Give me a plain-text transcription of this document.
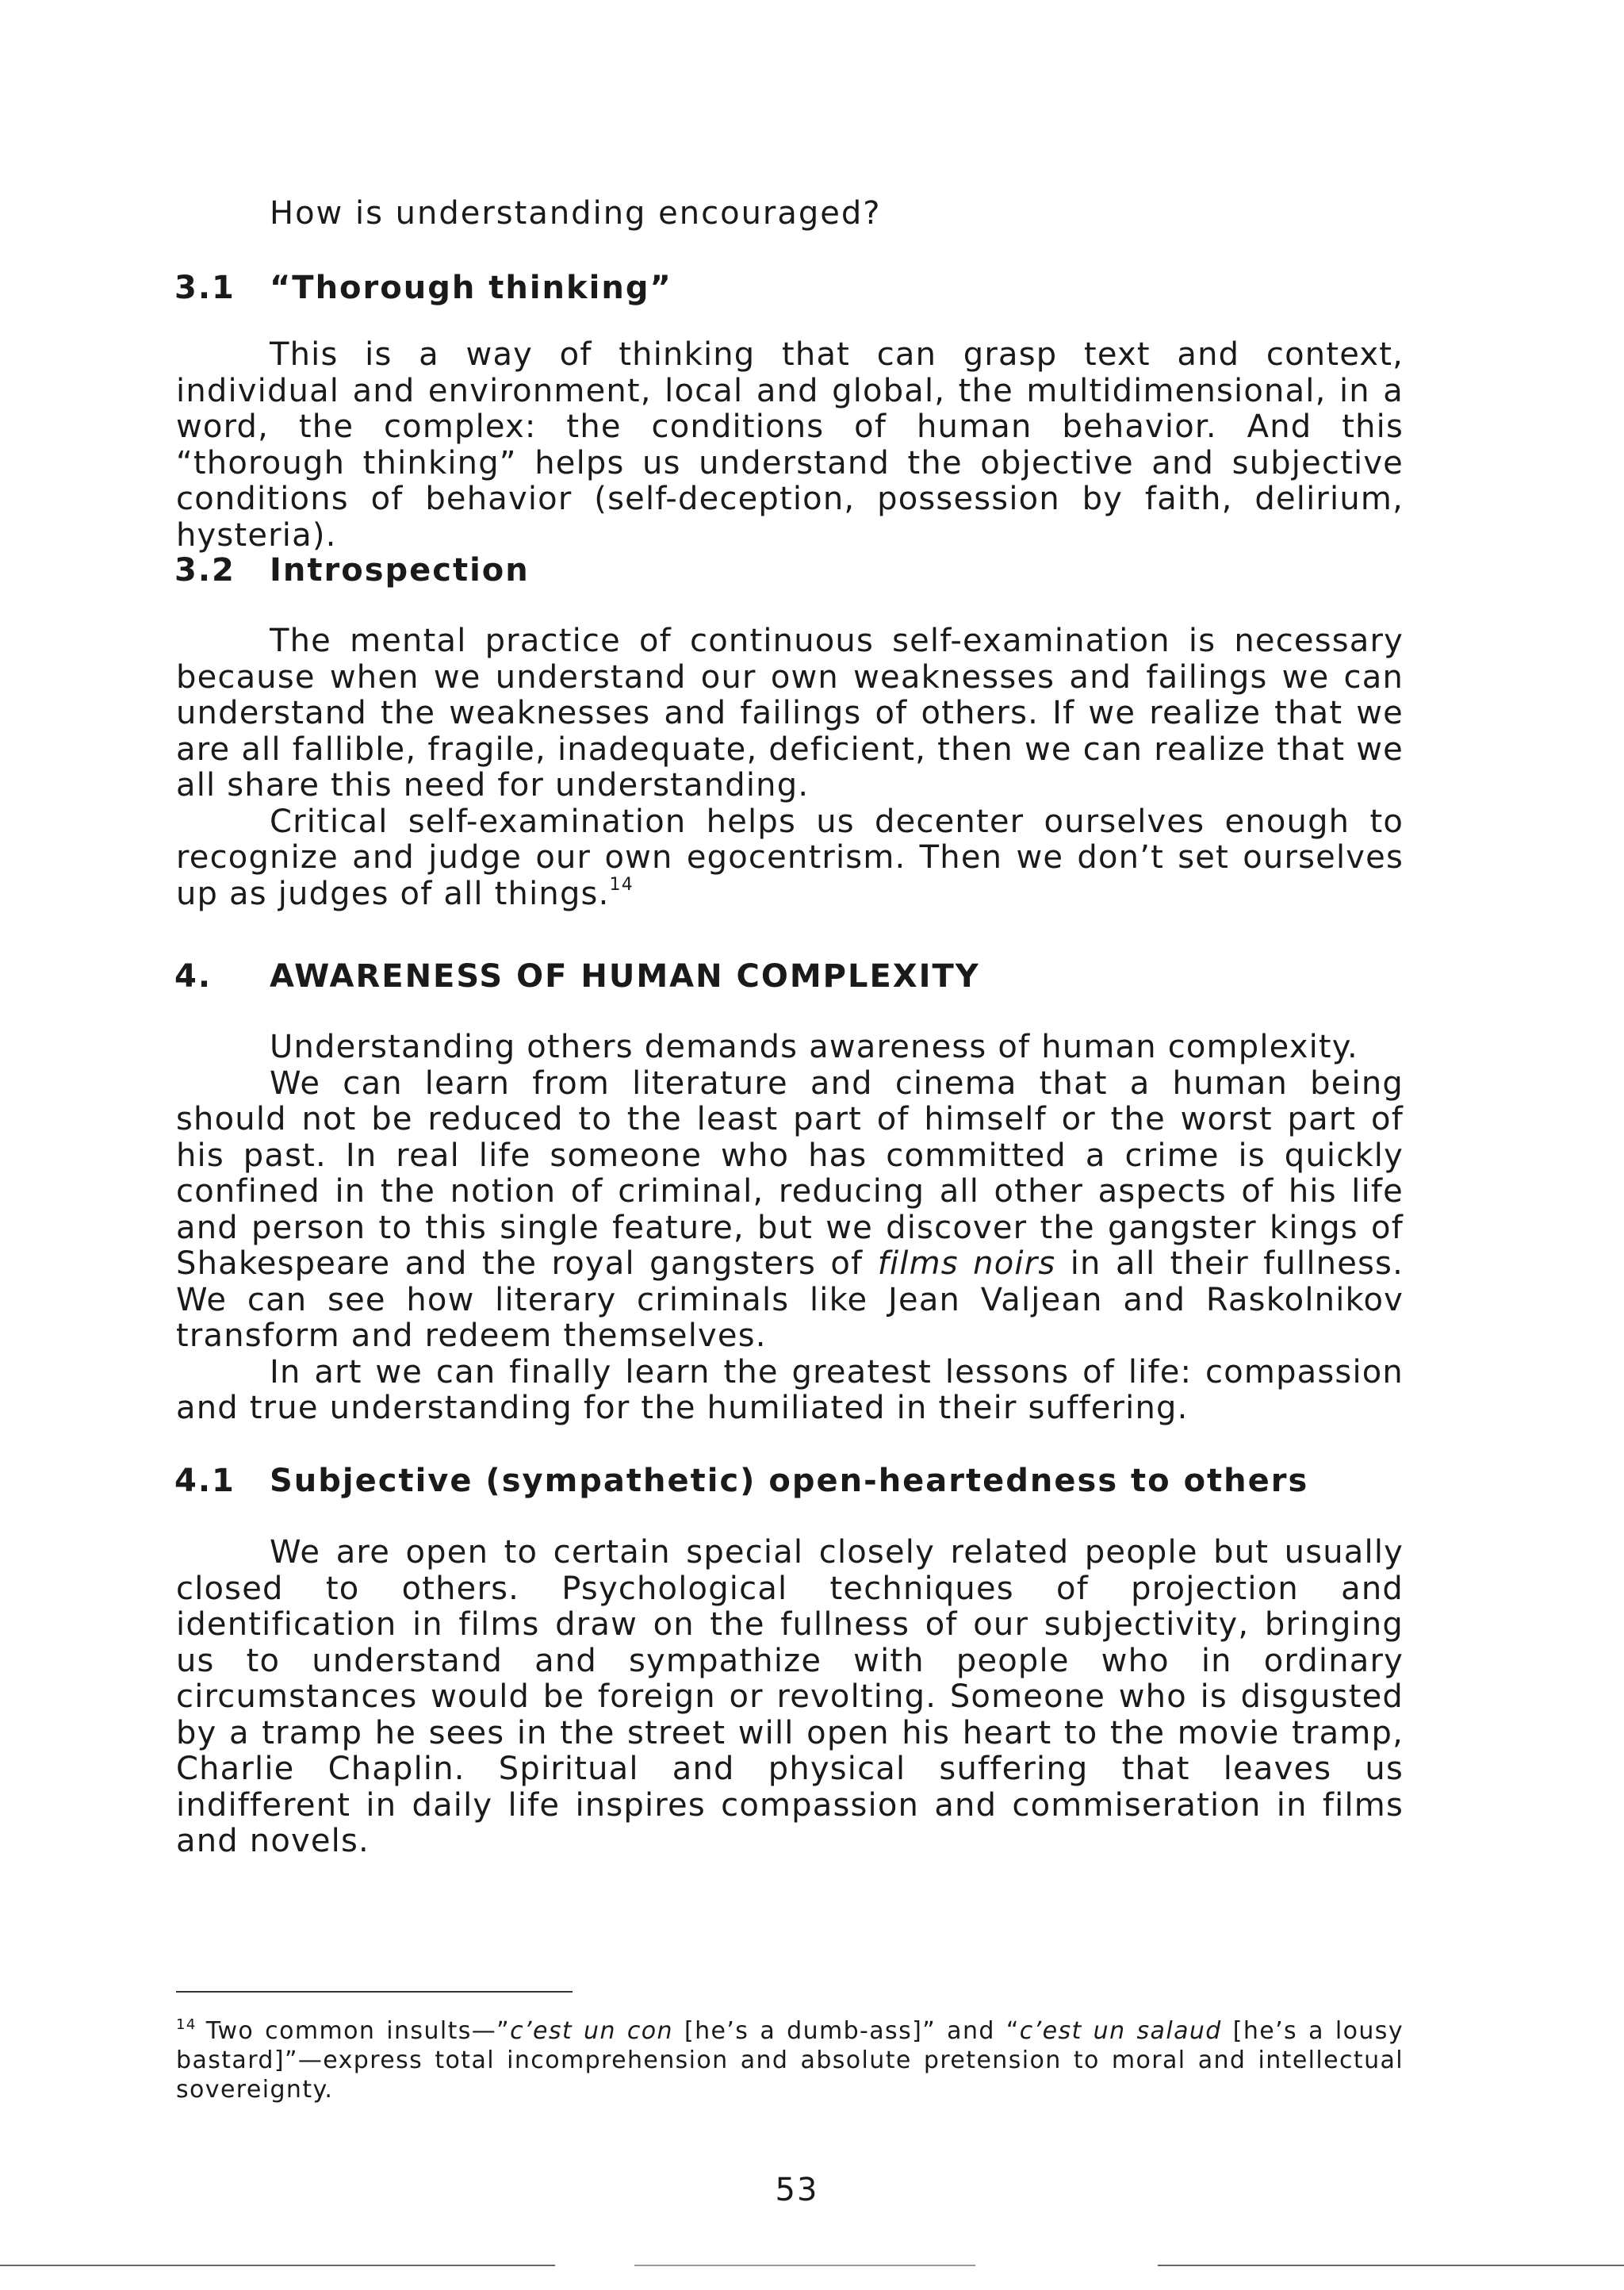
How is understanding encouraged?
3.1 “Thorough thinking”

This is a way of thinking that can grasp text and context, individual and environment, local and global, the multidimensional, in a word, the complex: the conditions of human behavior. And this “thorough thinking” helps us understand the objective and subjective conditions of behavior (self-deception, possession by faith, delirium, hysteria).

3.2 Introspection

The mental practice of continuous self-examination is necessary because when we understand our own weaknesses and failings we can understand the weaknesses and failings of others. If we realize that we are all fallible, fragile, inadequate, deficient, then we can realize that we all share this need for understanding.

Critical self-examination helps us decenter ourselves enough to recognize and judge our own egocentrism. Then we don’t set ourselves up as judges of all things.$^{14}$

4. AWARENESS OF HUMAN COMPLEXITY

Understanding others demands awareness of human complexity.

We can learn from literature and cinema that a human being should not be reduced to the least part of himself or the worst part of his past. In real life someone who has committed a crime is quickly confined in the notion of criminal, reducing all other aspects of his life and person to this single feature, but we discover the gangster kings of Shakespeare and the royal gangsters of films noirs in all their fullness. We can see how literary criminals like Jean Valjean and Raskolnikov transform and redeem themselves.

In art we can finally learn the greatest lessons of life: compassion and true understanding for the humiliated in their suffering.

4.1 Subjective (sympathetic) open-heartedness to others

We are open to certain special closely related people but usually closed to others. Psychological techniques of projection and identification in films draw on the fullness of our subjectivity, bringing us to understand and sympathize with people who in ordinary circumstances would be foreign or revolting. Someone who is disgusted by a tramp he sees in the street will open his heart to the movie tramp, Charlie Chaplin. Spiritual and physical suffering that leaves us indifferent in daily life inspires compassion and commiseration in films and novels.

$^{14}$ Two common insults—”c’est un con [he’s a dumb-ass]” and “c’est un salaud [he’s a lousy bastard]”—express total incomprehension and absolute pretension to moral and intellectual sovereignty.
53
